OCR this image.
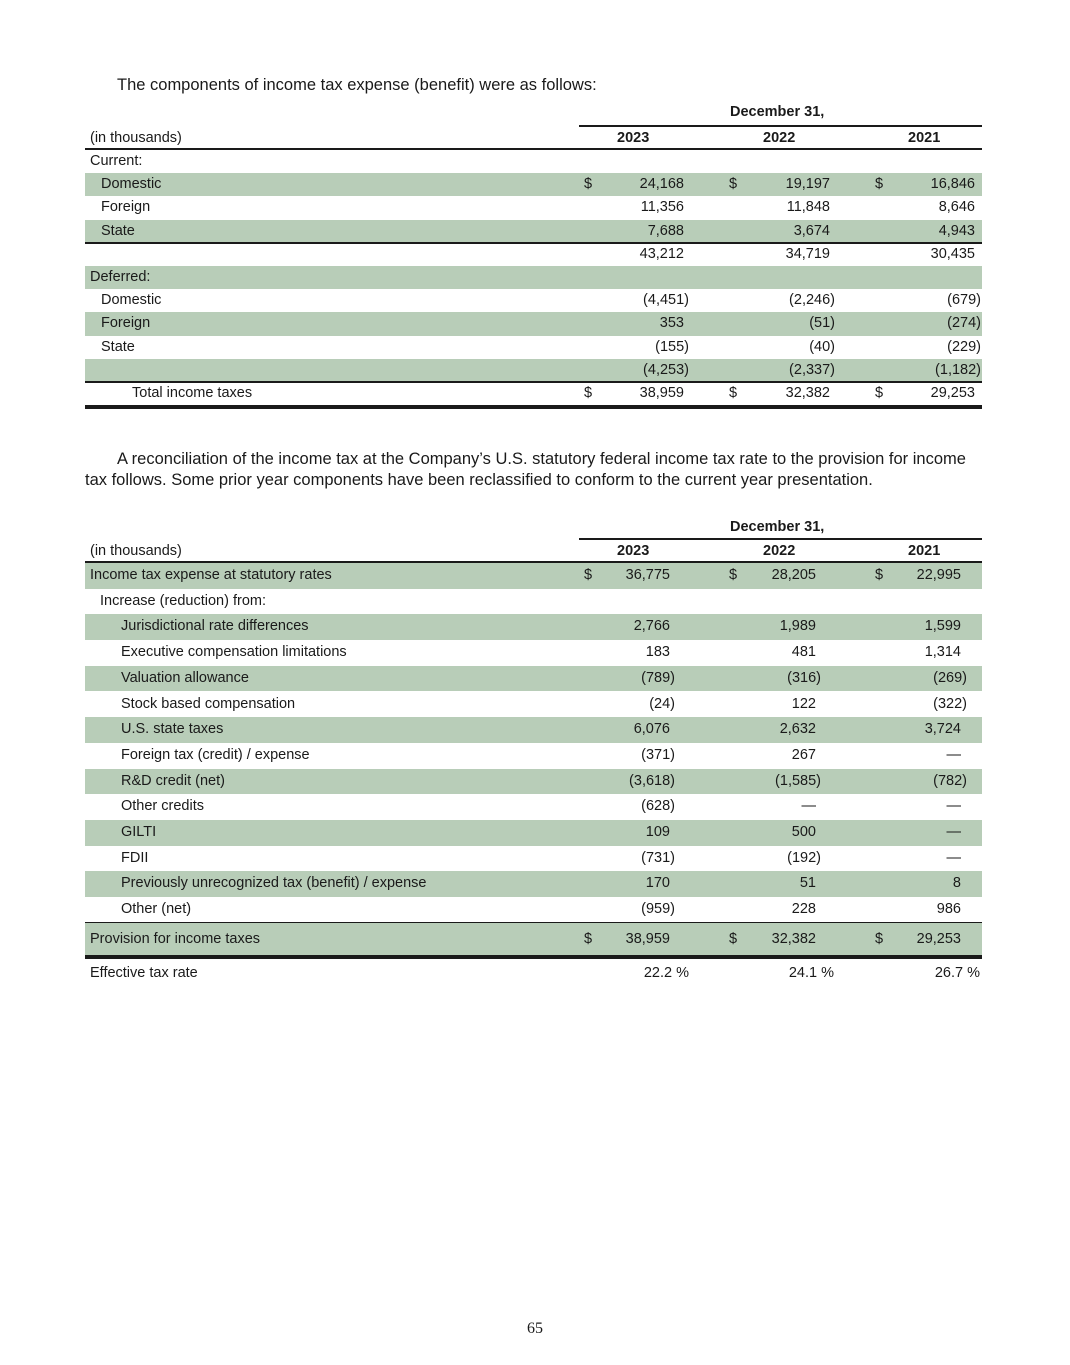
The components of income tax expense (benefit) were as follows:
December 31,
(in thousands)	2023	2022	2021
Current:
Domestic	$	24,168	$	19,197	$	16,846
Foreign	11,356	11,848	8,646
State	7,688	3,674	4,943
43,212	34,719	30,435
Deferred:
Domestic	(4,451)	(2,246)	(679)
Foreign	353	(51)	(274)
State	(155)	(40)	(229)
(4,253)	(2,337)	(1,182)
Total income taxes	$	38,959	$	32,382	$	29,253
A reconciliation of the income tax at the Company’s U.S. statutory federal income tax rate to the provision for income tax follows. Some prior year components have been reclassified to conform to the current year presentation.
December 31,
(in thousands)	2023	2022	2021
Income tax expense at statutory rates	$ 36,775	$ 28,205	$ 22,995
Increase (reduction) from:
Jurisdictional rate differences	2,766	1,989	1,599
Executive compensation limitations	183	481	1,314
Valuation allowance	(789)	(316)	(269)
Stock based compensation	(24)	122	(322)
U.S. state taxes	6,076	2,632	3,724
Foreign tax (credit) / expense	(371)	267	—
R&D credit (net)	(3,618)	(1,585)	(782)
Other credits	(628)	—	—
GILTI	109	500	—
FDII	(731)	(192)	—
Previously unrecognized tax (benefit) / expense	170	51	8
Other (net)	(959)	228	986
Provision for income taxes	$ 38,959	$ 32,382	$ 29,253
Effective tax rate	22.2 %	24.1 %	26.7 %
65
